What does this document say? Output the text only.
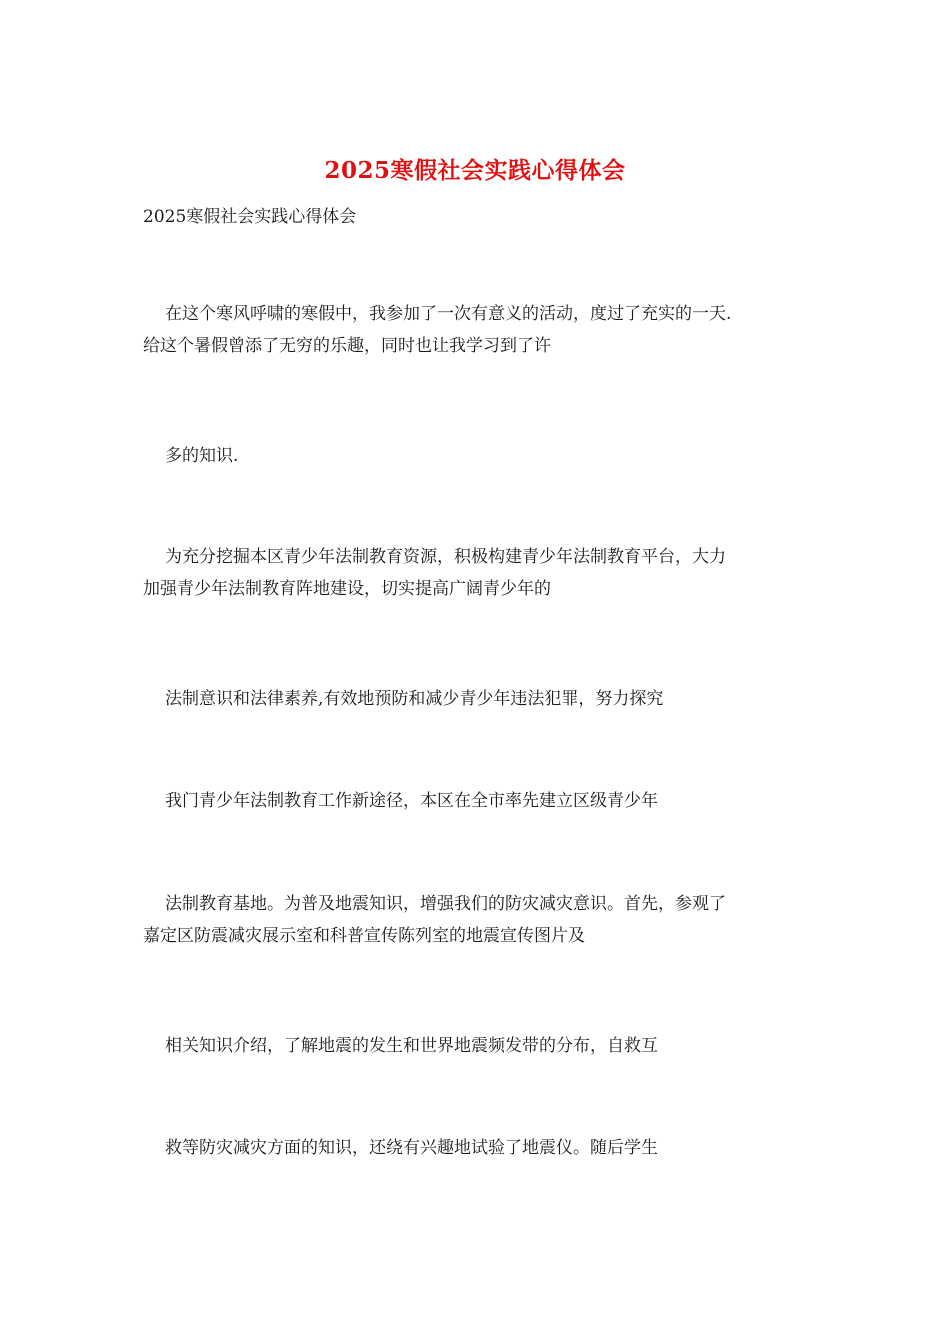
2025寒假社会实践心得体会
2025寒假社会实践心得体会
在这个寒风呼啸的寒假中，我参加了一次有意义的活动，度过了充实的一天.
给这个暑假曾添了无穷的乐趣，同时也让我学习到了许
多的知识.
为充分挖掘本区青少年法制教育资源，积极构建青少年法制教育平台，大力
加强青少年法制教育阵地建设，切实提高广阔青少年的
法制意识和法律素养,有效地预防和减少青少年违法犯罪，努力探究
我门青少年法制教育工作新途径，本区在全市率先建立区级青少年
法制教育基地。为普及地震知识，增强我们的防灾减灾意识。首先，参观了
嘉定区防震减灾展示室和科普宣传陈列室的地震宣传图片及
相关知识介绍，了解地震的发生和世界地震频发带的分布，自救互
救等防灾减灾方面的知识，还绕有兴趣地试验了地震仪。随后学生
